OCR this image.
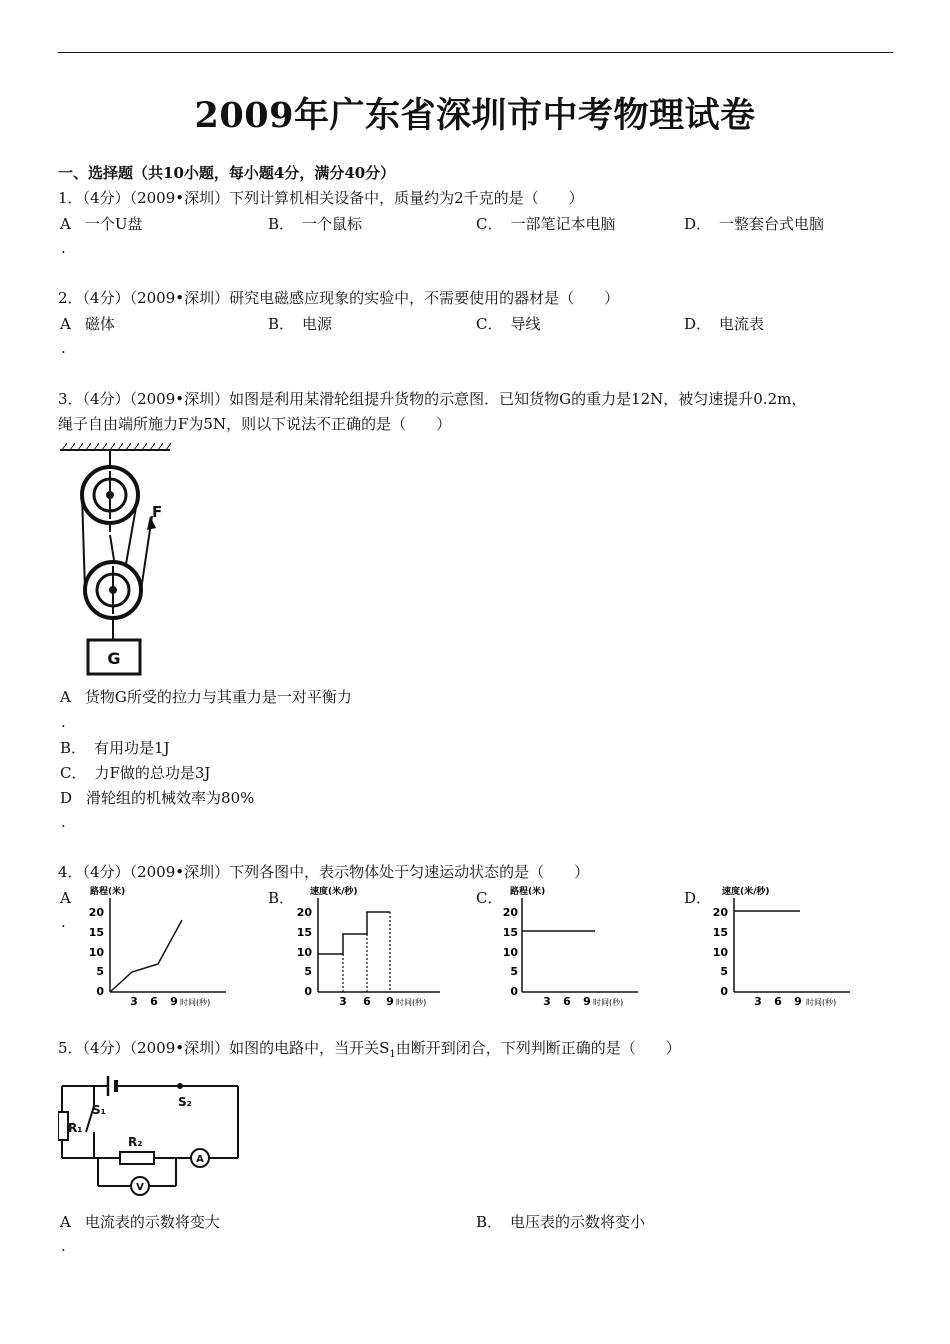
2009年广东省深圳市中考物理试卷
一、选择题（共10小题，每小题4分，满分40分）
1．（4分）（2009•深圳）下列计算机相关设备中，质量约为2千克的是（　　）
A 一个U盘	B． 一个鼠标	C． 一部笔记本电脑	D． 一整套台式电脑
.
2．（4分）（2009•深圳）研究电磁感应现象的实验中，不需要使用的器材是（　　）
A 磁体	B． 电源	C． 导线	D． 电流表
.
3．（4分）（2009•深圳）如图是利用某滑轮组提升货物的示意图．已知货物G的重力是12N，被匀速提升0.2m，
绳子自由端所施力F为5N，则以下说法不正确的是（　　）
F
G
A 货物G所受的拉力与其重力是一对平衡力
.
B． 有用功是1J
C． 力F做的总功是3J
D 滑轮组的机械效率为80%
.
4．（4分）（2009•深圳）下列各图中，表示物体处于匀速运动状态的是（　　）
A
.
B．	C．	D．
路程(米)
20
15
10
5
0
3 6 9 时间(秒)
速度(米/秒)
20
15
10
5
0
3 6 9 时间(秒)
路程(米)
20
15
10
5
0
3 6 9 时间(秒)
速度(米/秒)
20
15
10
5
0
3 6 9 时间(秒)
5．（4分）（2009•深圳）如图的电路中，当开关$S_1$由断开到闭合，下列判断正确的是（　　）
S₁
S₂
R₁
R₂
A
V
A 电流表的示数将变大	B． 电压表的示数将变小
.
